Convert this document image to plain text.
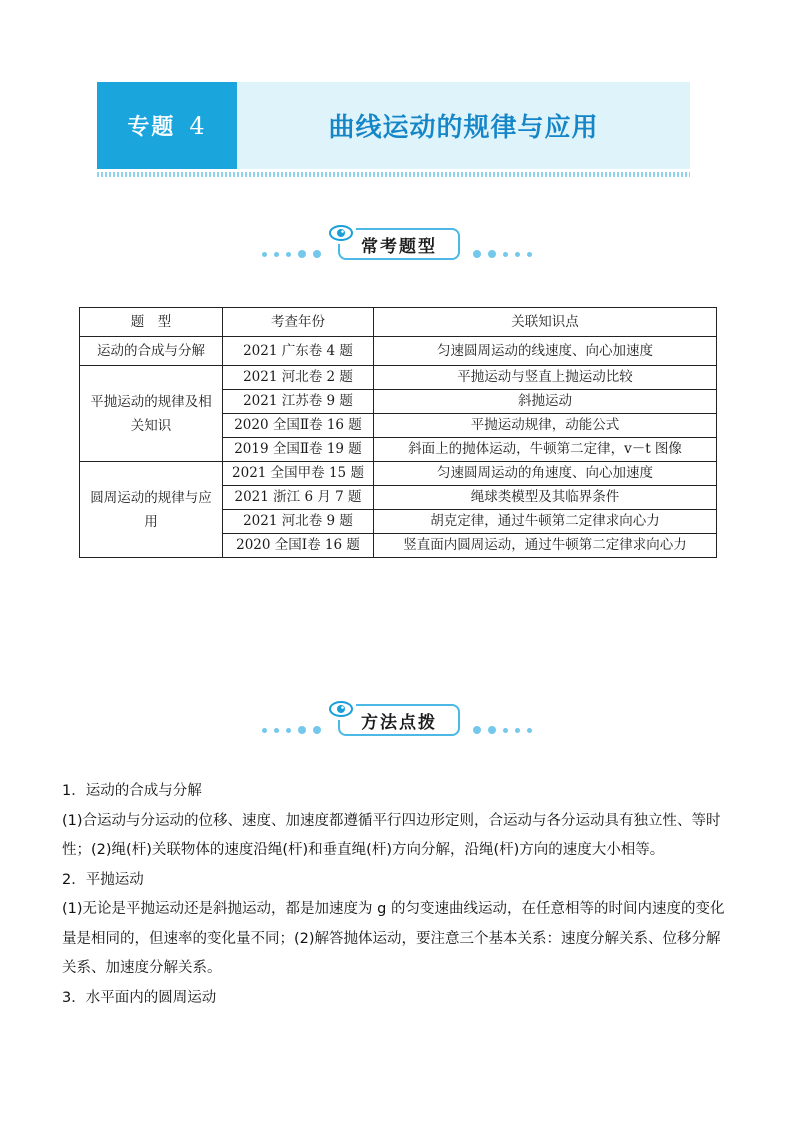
专题 4	曲线运动的规律与应用
常考题型
题　型	考查年份	关联知识点
运动的合成与分解	2021 广东卷 4 题	匀速圆周运动的线速度、向心加速度
平抛运动的规律及相关知识	2021 河北卷 2 题	平抛运动与竖直上抛运动比较
	2021 江苏卷 9 题	斜抛运动
	2020 全国Ⅱ卷 16 题	平抛运动规律，动能公式
	2019 全国Ⅱ卷 19 题	斜面上的抛体运动，牛顿第二定律，v－t 图像
圆周运动的规律与应用	2021 全国甲卷 15 题	匀速圆周运动的角速度、向心加速度
	2021 浙江 6 月 7 题	绳球类模型及其临界条件
	2021 河北卷 9 题	胡克定律，通过牛顿第二定律求向心力
	2020 全国Ⅰ卷 16 题	竖直面内圆周运动，通过牛顿第二定律求向心力
方法点拨

1．运动的合成与分解

(1)合运动与分运动的位移、速度、加速度都遵循平行四边形定则，合运动与各分运动具有独立性、等时性；(2)绳(杆)关联物体的速度沿绳(杆)和垂直绳(杆)方向分解，沿绳(杆)方向的速度大小相等。

2．平抛运动

(1)无论是平抛运动还是斜抛运动，都是加速度为 g 的匀变速曲线运动，在任意相等的时间内速度的变化量是相同的，但速率的变化量不同；(2)解答抛体运动，要注意三个基本关系：速度分解关系、位移分解关系、加速度分解关系。

3．水平面内的圆周运动
